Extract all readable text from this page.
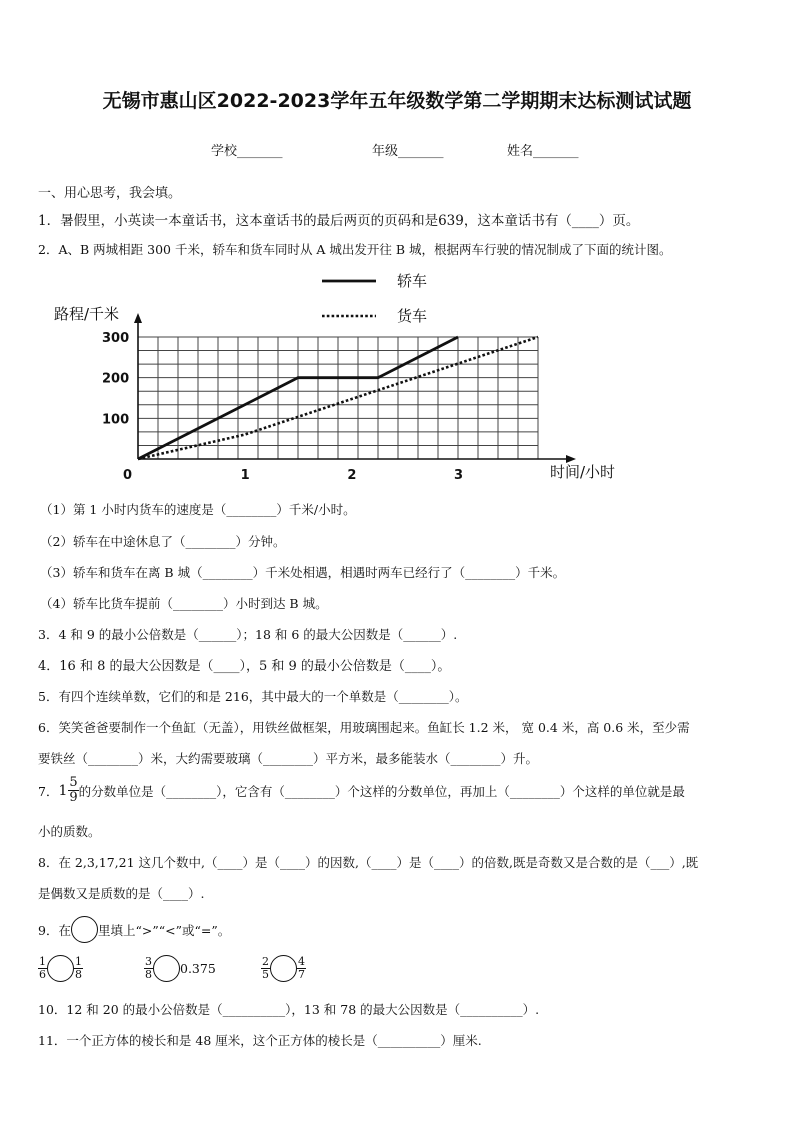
无锡市惠山区2022-2023学年五年级数学第二学期期末达标测试试题
学校_______	年级_______	姓名_______
一、用心思考，我会填。
1．暑假里，小英读一本童话书，这本童话书的最后两页的页码和是639，这本童话书有（____）页。
2．A、B 两城相距 300 千米，轿车和货车同时从 A 城出发开往 B 城，根据两车行驶的情况制成了下面的统计图。
轿车
货车
路程/千米
时间/小时
0	1	2	3
100
200
300
（1）第 1 小时内货车的速度是（________）千米/小时。
（2）轿车在中途休息了（________）分钟。
（3）轿车和货车在离 B 城（________）千米处相遇，相遇时两车已经行了（________）千米。
（4）轿车比货车提前（________）小时到达 B 城。
3．4 和 9 的最小公倍数是（______）；18 和 6 的最大公因数是（______）.
4．16 和 8 的最大公因数是（____），5 和 9 的最小公倍数是（____）。
5．有四个连续单数，它们的和是 216，其中最大的一个单数是（________）。
6．笑笑爸爸要制作一个鱼缸（无盖），用铁丝做框架，用玻璃围起来。鱼缸长 1.2 米， 宽 0.4 米，高 0.6 米，至少需
要铁丝（________）米，大约需要玻璃（________）平方米，最多能装水（________）升。
7． $1 \frac{5}{9}$ 的分数单位是（________），它含有（________）个这样的分数单位，再加上（________）个这样的单位就是最
小的质数。
8．在 2,3,17,21 这几个数中,（____）是（____）的因数,（____）是（____）的倍数,既是奇数又是合数的是（___）,既
是偶数又是质数的是（____）.
9．在 里填上“>”“<”或“=”。
$\frac{1}{6} \frac{1}{8}$	$\frac{3}{8} 0.375$	$\frac{2}{5} \frac{4}{7}$
10．12 和 20 的最小公倍数是（__________），13 和 78 的最大公因数是（__________）.
11．一个正方体的棱长和是 48 厘米，这个正方体的棱长是（__________）厘米.
